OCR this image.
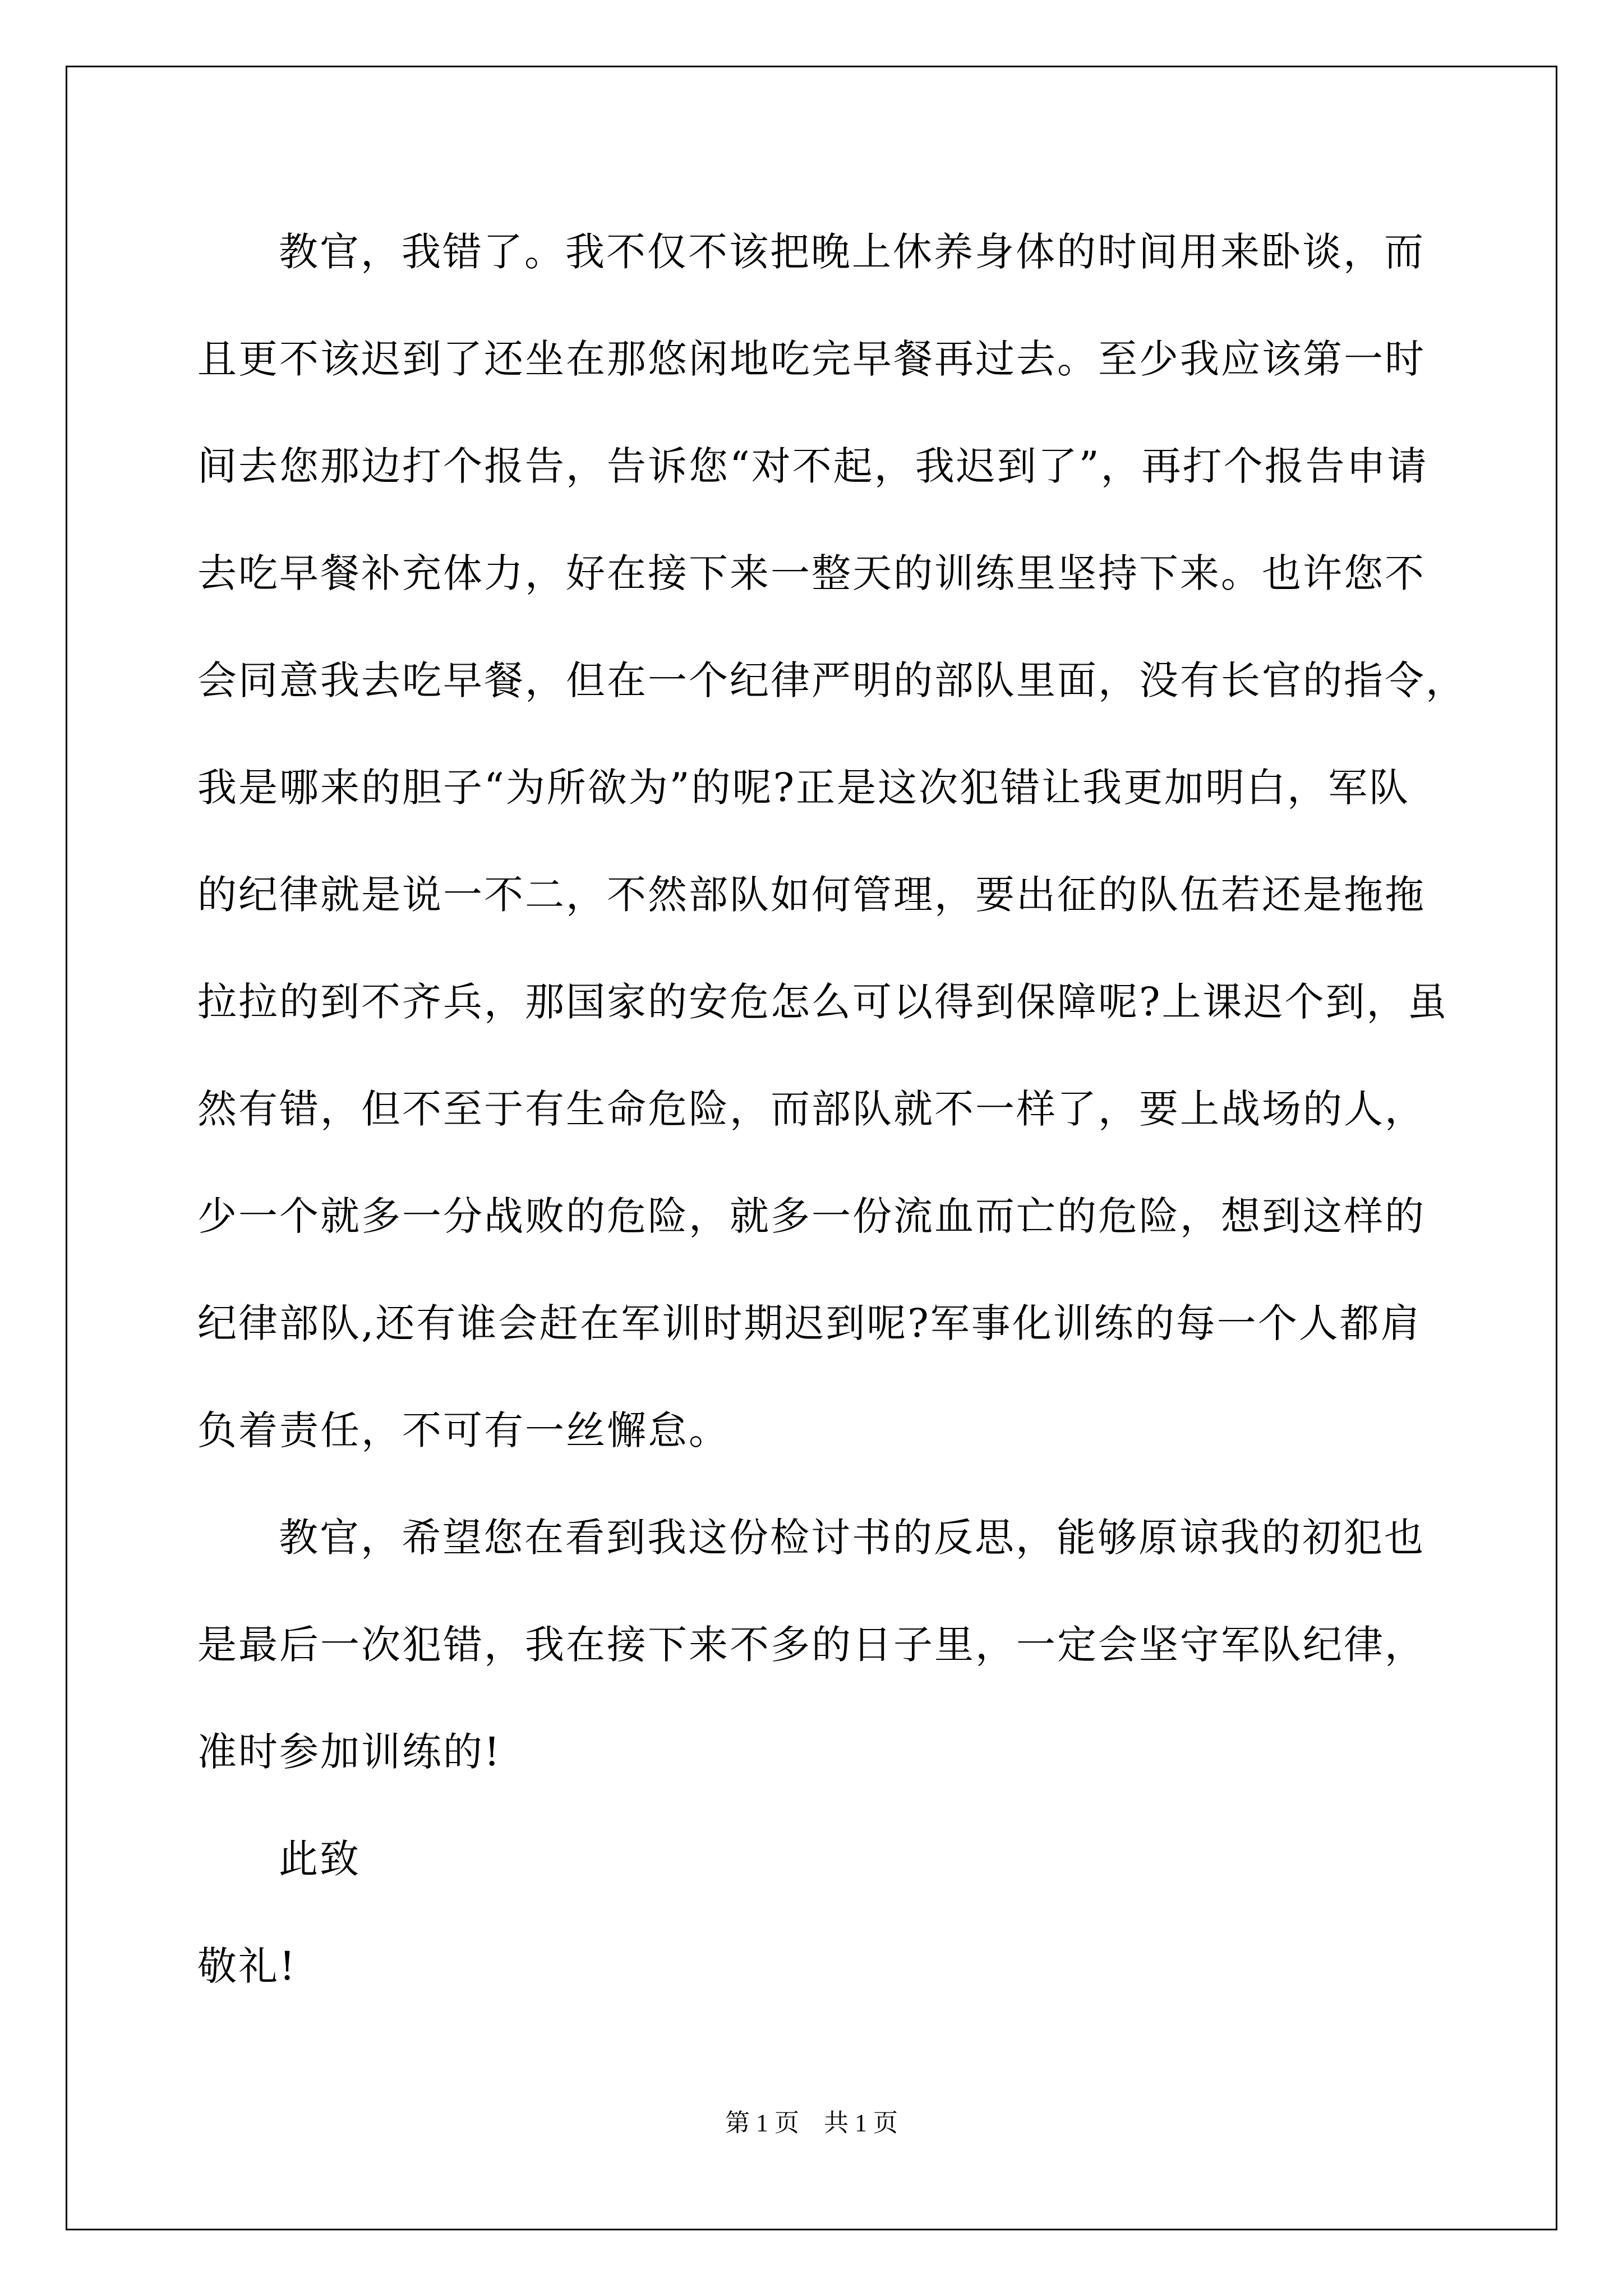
教官，我错了。我不仅不该把晚上休养身体的时间用来卧谈，而
且更不该迟到了还坐在那悠闲地吃完早餐再过去。至少我应该第一时
间去您那边打个报告，告诉您“对不起，我迟到了”，再打个报告申请
去吃早餐补充体力，好在接下来一整天的训练里坚持下来。也许您不
会同意我去吃早餐，但在一个纪律严明的部队里面，没有长官的指令，
我是哪来的胆子“为所欲为”的呢?正是这次犯错让我更加明白，军队
的纪律就是说一不二，不然部队如何管理，要出征的队伍若还是拖拖
拉拉的到不齐兵，那国家的安危怎么可以得到保障呢?上课迟个到，虽
然有错，但不至于有生命危险，而部队就不一样了，要上战场的人，
少一个就多一分战败的危险，就多一份流血而亡的危险，想到这样的
纪律部队,还有谁会赶在军训时期迟到呢?军事化训练的每一个人都肩
负着责任，不可有一丝懈怠。
教官，希望您在看到我这份检讨书的反思，能够原谅我的初犯也
是最后一次犯错，我在接下来不多的日子里，一定会坚守军队纪律，
准时参加训练的!
此致
敬礼!
第 1 页　共 1 页
